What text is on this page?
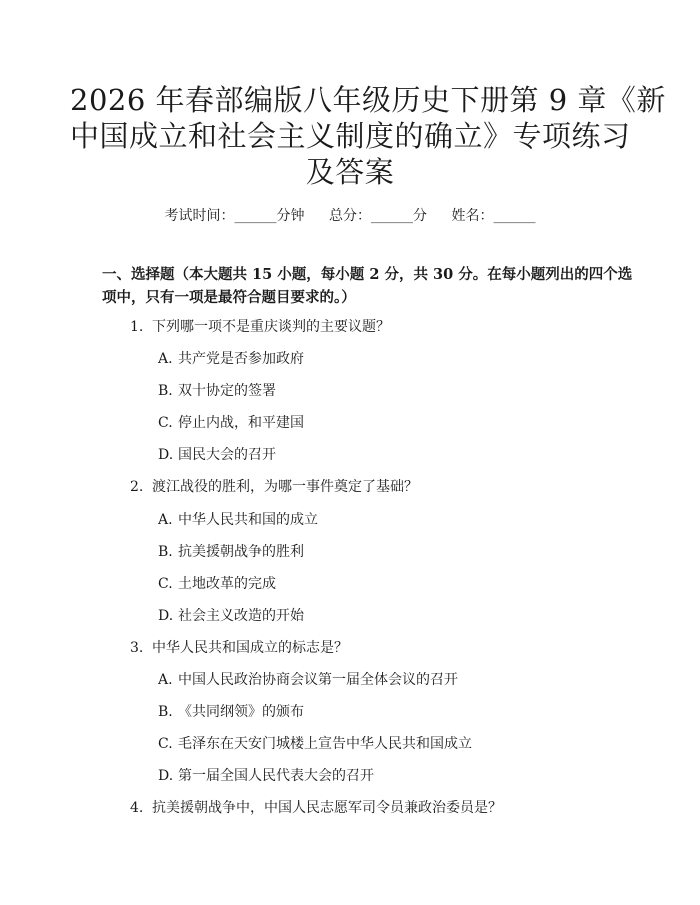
2026 年春部编版八年级历史下册第 9 章《新
中国成立和社会主义制度的确立》专项练习
及答案
考试时间：______分钟 总分：______分 姓名：______
一、选择题（本大题共 15 小题，每小题 2 分，共 30 分。在每小题列出的四个选
项中，只有一项是最符合题目要求的。）
1. 下列哪一项不是重庆谈判的主要议题？
A. 共产党是否参加政府
B. 双十协定的签署
C. 停止内战，和平建国
D. 国民大会的召开
2. 渡江战役的胜利，为哪一事件奠定了基础？
A. 中华人民共和国的成立
B. 抗美援朝战争的胜利
C. 土地改革的完成
D. 社会主义改造的开始
3. 中华人民共和国成立的标志是？
A. 中国人民政治协商会议第一届全体会议的召开
B. 《共同纲领》的颁布
C. 毛泽东在天安门城楼上宣告中华人民共和国成立
D. 第一届全国人民代表大会的召开
4. 抗美援朝战争中，中国人民志愿军司令员兼政治委员是？
